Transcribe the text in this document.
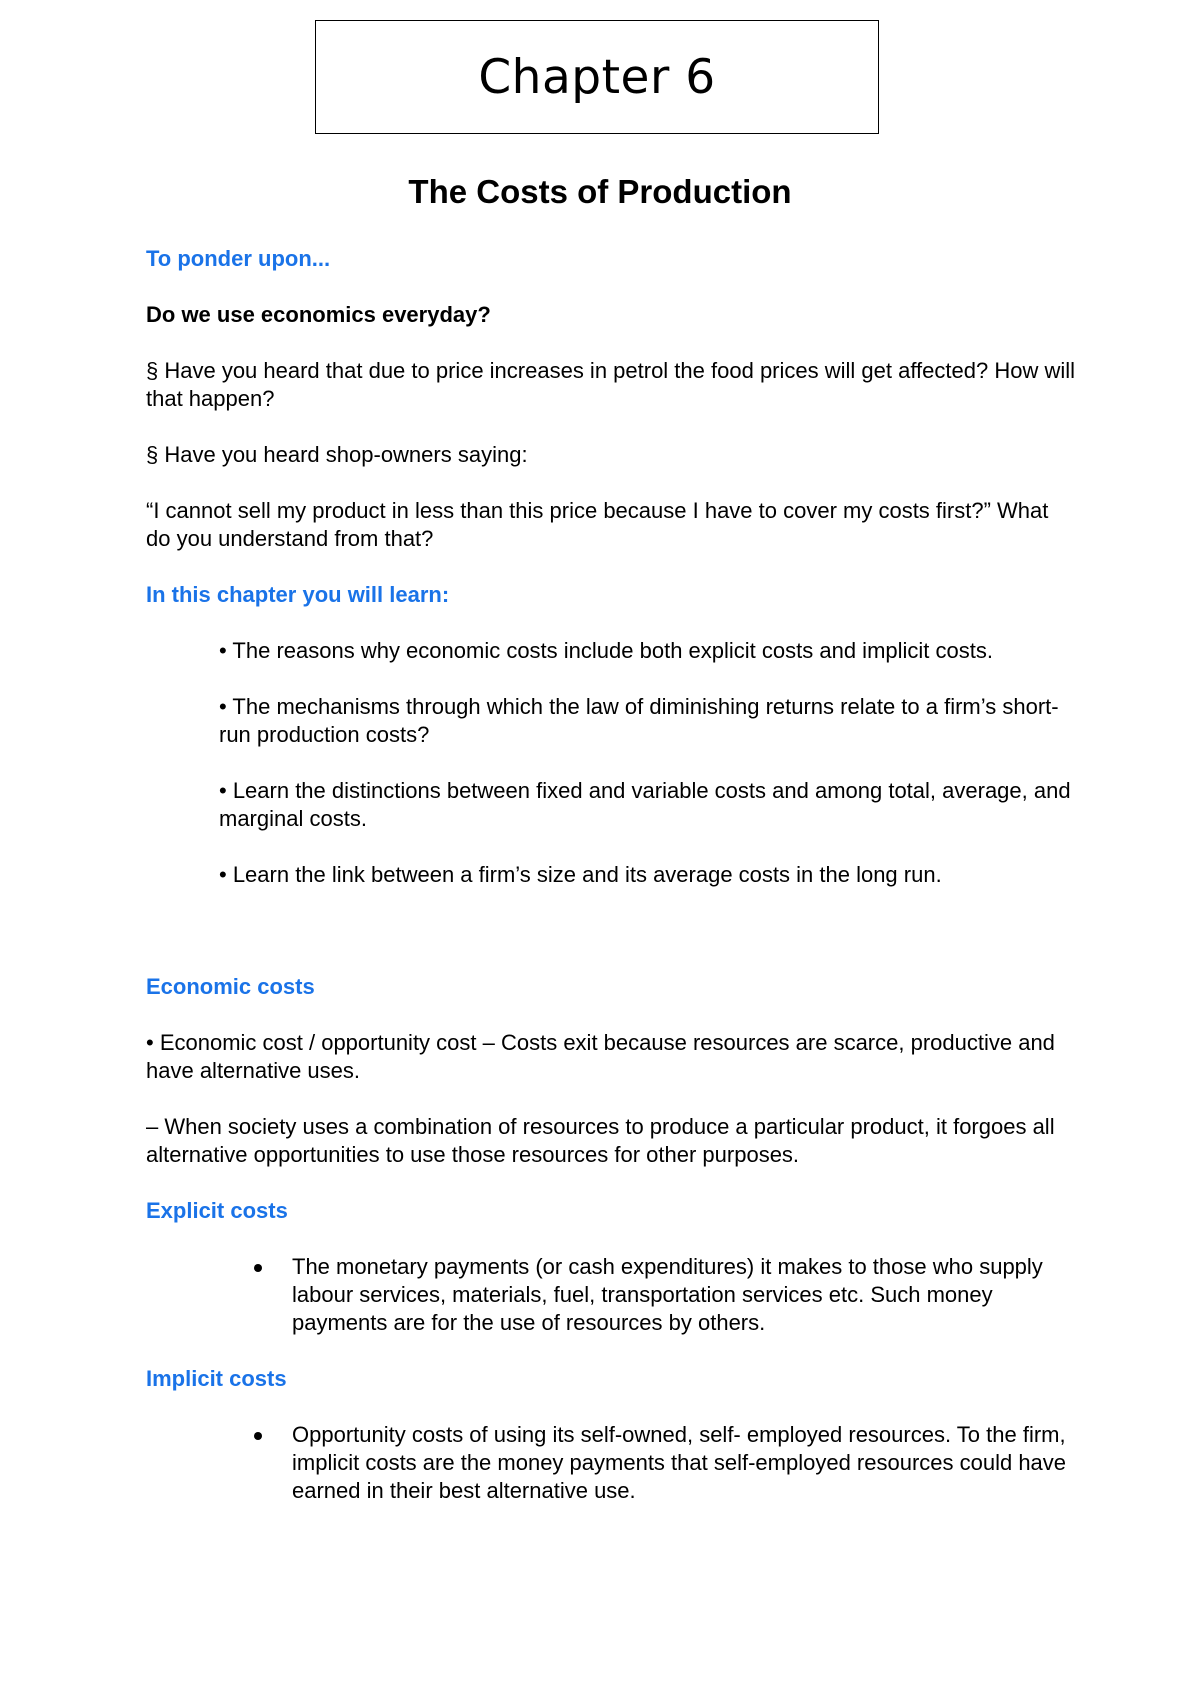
Chapter 6
The Costs of Production

To ponder upon...

Do we use economics everyday?

§ Have you heard that due to price increases in petrol the food prices will get affected? How will that happen?

§ Have you heard shop-owners saying:

“I cannot sell my product in less than this price because I have to cover my costs first?” What do you understand from that?

In this chapter you will learn:

• The reasons why economic costs include both explicit costs and implicit costs.

• The mechanisms through which the law of diminishing returns relate to a firm’s short-run production costs?

• Learn the distinctions between fixed and variable costs and among total, average, and marginal costs.

• Learn the link between a firm’s size and its average costs in the long run.

Economic costs

• Economic cost / opportunity cost – Costs exit because resources are scarce, productive and have alternative uses.

– When society uses a combination of resources to produce a particular product, it forgoes all alternative opportunities to use those resources for other purposes.

Explicit costs

The monetary payments (or cash expenditures) it makes to those who supply labour services, materials, fuel, transportation services etc. Such money payments are for the use of resources by others.

Implicit costs

Opportunity costs of using its self-owned, self- employed resources. To the firm, implicit costs are the money payments that self-employed resources could have earned in their best alternative use.
